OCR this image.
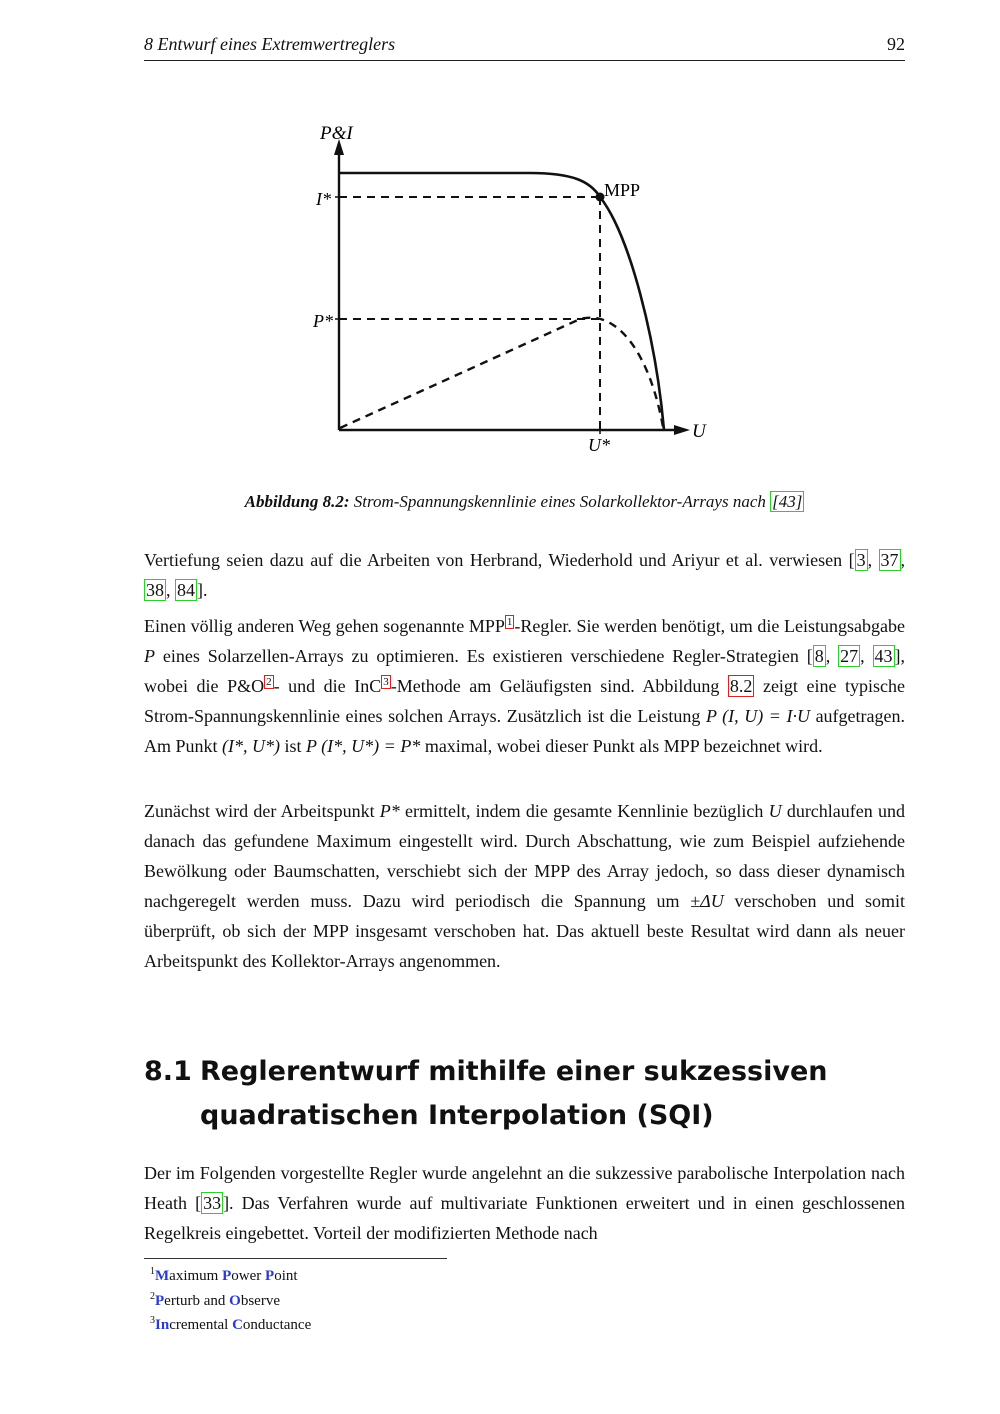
8 Entwurf eines Extremwertreglers	92
P&I
I*
P*
MPP
U*
U
Abbildung 8.2: Strom-Spannungskennlinie eines Solarkollektor-Arrays nach [43]

Vertiefung seien dazu auf die Arbeiten von Herbrand, Wiederhold und Ariyur et al. verwiesen [ 3 , 37 , 38 , 84 ].

Einen völlig anderen Weg gehen sogenannte MPP $^1$ -Regler. Sie werden benötigt, um die Leistungsabgabe P eines Solarzellen-Arrays zu optimieren. Es existieren verschiedene Regler-Strategien [ 8 , 27 , 43 ], wobei die P&O $^2$ - und die InC $^3$ -Methode am Geläufigsten sind. Abbildung 8.2 zeigt eine typische Strom-Spannungskennlinie eines solchen Arrays. Zusätzlich ist die Leistung P (I, U) = I·U aufgetragen. Am Punkt (I*, U*) ist P (I*, U*) = P* maximal, wobei dieser Punkt als MPP bezeichnet wird.

Zunächst wird der Arbeitspunkt P* ermittelt, indem die gesamte Kennlinie bezüglich U durchlaufen und danach das gefundene Maximum eingestellt wird. Durch Abschattung, wie zum Beispiel aufziehende Bewölkung oder Baumschatten, verschiebt sich der MPP des Array jedoch, so dass dieser dynamisch nachgeregelt werden muss. Dazu wird periodisch die Spannung um ±ΔU verschoben und somit überprüft, ob sich der MPP insgesamt verschoben hat. Das aktuell beste Resultat wird dann als neuer Arbeitspunkt des Kollektor-Arrays angenommen.

8.1 Reglerentwurf mithilfe einer sukzessiven quadratischen Interpolation (SQI)

Der im Folgenden vorgestellte Regler wurde angelehnt an die sukzessive parabolische Interpolation nach Heath [ 33 ]. Das Verfahren wurde auf multivariate Funktionen erweitert und in einen geschlossenen Regelkreis eingebettet. Vorteil der modifizierten Methode nach

$^1$Maximum Power Point
$^2$Perturb and Observe
$^3$Incremental Conductance
